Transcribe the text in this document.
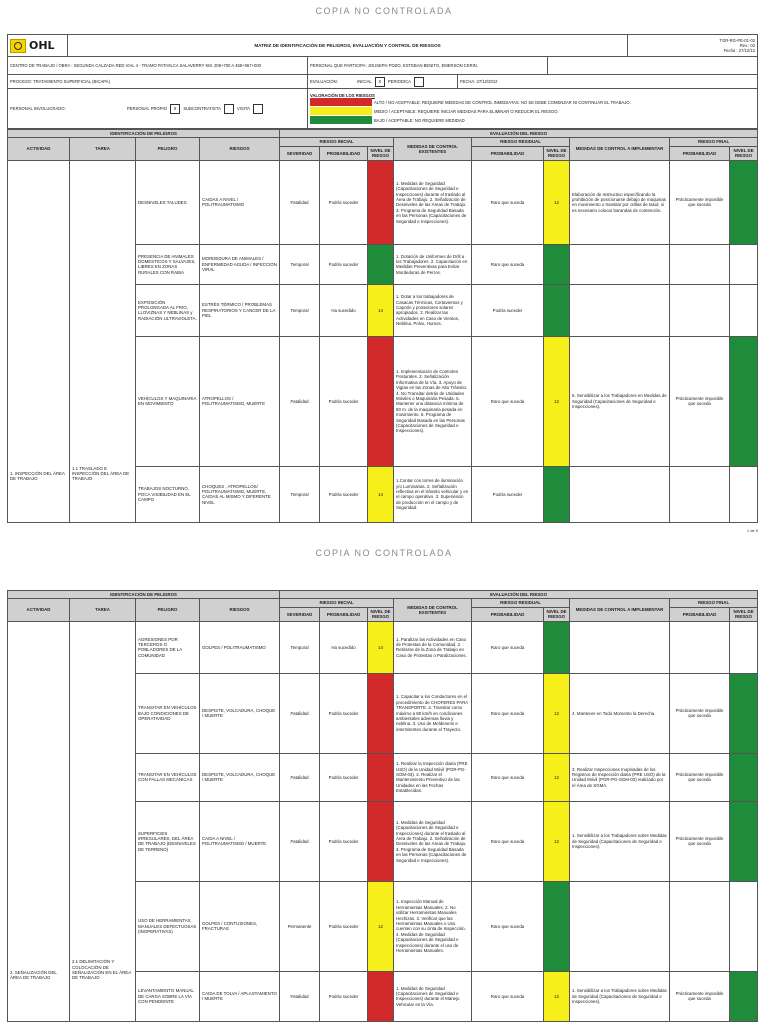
COPIA NO CONTROLADA
OHL	MATRIZ DE IDENTIFICACIÓN DE PELIGROS, EVALUACIÓN Y CONTROL DE RIESGOS				TGR-RG-PE-01-02
Rev.: 02
Fecha : 27/12/12

CENTRO DE TRABAJO / OBRA : SEGUNDA CALZADA RED VIAL 4 - TRAMO PATIVILCA SALAVERRY KM. 206+700 A 458+067+000		PERSONAL QUE PARTICIPA: JOUSEPH POZO, ESTEBAN BENITO, EMERSON CERIN.			
PROCESO: TRATAMIENTO SUPERFICIAL (BICAPA)		EVALUACIÓN: INICIAL x PERIODICA	FECHA: 27/12/2012		
PERSONAL INVOLUCRADO: PERSONAL PROPIO x SUBCONTRATISTA VISITA		VALORACIÓN DE LOS RIESGOS
ALTO / NO ACEPTABLE: REQUIERE MEDIDAS DE CONTROL INMEDIATAS. NO SE DEBE COMENZAR NI CONTINUAR EL TRABAJO.
MEDIO / ACEPTABLE: REQUIERE INICIAR MEDIDAS PARA ELIMINAR O REDUCIR EL RIESGO.
BAJO / ACEPTABLE: NO REQUIERE MEDIDAD			
IDENTIFICACIÓN DE PELIGROS				EVALUACIÓN DEL RIESGO								
ACTIVIDAD	TAREA	PELIGRO	RIESGOS	RIESGO INICIAL			MEDIDAS DE CONTROL EXISTENTES	RIESGO RESIDUAL		MEDIDAS DE CONTROL A IMPLEMENTAR	RIESGO FINAL	
				SEVERIDAD	PROBABILIDAD	NIVEL DE RIESGO		PROBABILIDAD	NIVEL DE RIESGO		PROBABILIDAD	NIVEL DE RIESGO
1. INSPECCIÓN DEL ÁREA DE TRABAJO	1.1 TRASLADO E INSPECCIÓN DEL ÁREA DE TRABAJO	DESNIVELES TALUDES	CAIDAS A NIVEL / POLITRAUMATISMO	Fatalidad	Podría suceder		1. Medidas de Seguridad (Capacitaciones de Seguridad e Inspecciones) durante el traslado al Área de Trabajo. 2. Señalización de Desniveles de las Áreas de Trabajo. 3. Programa de Seguridad Basada en las Personas (Capacitaciones de Seguridad e Inspecciones).	Raro que suceda	12	Elaboración de Instructivo especificando la prohibición de posicionarse debajo de maquinas en movimiento o transitar por orillas de talud, si es necesario colocar barandas de contención.	Prácticamente imposible que suceda	
		PRESENCIA DE ANIMALES DOMESTICOS Y SALVAJES, LIBRES EN ZONAS RURALES CON RABIA	MORDEDURA DE ANIMALES / ENFERMEDAD AGUDA / INFECCIÓN VIRAL	Temporal	Podría suceder		1. Dotación de Uniformes de Drill a los Trabajadores. 2. Capacitación en Medidas Preventivas para Evitar Mordeduras de Perros.	Raro que suceda				
		EXPOSICIÓN PROLONGADA AL FRIO, LLOVIZNAS Y NEBLINAS y RADIACIÓN ULTRAVIOLETA.	ESTRÉS TÉRMICO / PROBLEMAS RESPIRATORIOS Y CANCER DE LA PIEL	Temporal	Ha sucedido	14	1. Dotar a los trabajadores de Casacas Térmicas, Cortavientos y Capotín y protectores solares apropiados. 2. Realizar las Actividades en Caso de Vientos, Neblina, Polvo, Humos.	Podría suceder				
		VEHÍCULOS Y MAQUINARIA EN MOVIMIENTO	ATROPELLOS / POLITRAUMATISMO, MUERTE	Fatalidad	Podría suceder		1. Implementación de Controles Posturales. 2. Señalización Informativa de la Vía. 3. Apoyo de Vigías en las Zonas de Alto Tránsito. 4. No Transitar detrás de Unidades Móviles o Maquinaria Pesada. 5. Mantener una distancia mínima de 50 m. de la maquinaria pesada en movimiento. 6. Programa de Seguridad Basada en las Personas (Capacitaciones de Seguridad e Inspecciones).	Raro que suceda	12	6. Sensibilizar a los Trabajadores en Medidas de Seguridad (Capacitaciones de Seguridad e Inspecciones).	Prácticamente imposible que suceda	
		TRABAJOS NOCTURNO, POCA VISIBILIDAD EN EL CAMPO	CHOQUES , ATROPELLOS/ POLITRAUMATISMO, MUERTE, CAIDAS AL MISMO Y DIFERENTE NIVEL	Temporal	Podría suceder	14	1.Contar con torres de iluminación y/o Luminarias. 2. Señalización reflectiva en el tránsito vehicular y en el campo operativo. 3. Supervisión de producción en el campo y de Seguridad.	Podría suceder				
1 de 5
COPIA NO CONTROLADA
IDENTIFICACIÓN DE PELIGROS				EVALUACIÓN DEL RIESGO								
ACTIVIDAD	TAREA	PELIGRO	RIESGOS	RIESGO INICIAL			MEDIDAS DE CONTROL EXISTENTES	RIESGO RESIDUAL		MEDIDAS DE CONTROL A IMPLEMENTAR	RIESGO FINAL	
				SEVERIDAD	PROBABILIDAD	NIVEL DE RIESGO		PROBABILIDAD	NIVEL DE RIESGO		PROBABILIDAD	NIVEL DE RIESGO
2. SEÑALIZACIÓN DEL ÁREA DE TRABAJO	2.1 DELIMITACIÓN Y COLOCACIÓN DE SEÑALIZACIÓN EN EL ÁREA DE TRABAJO	AGRESIONES POR TERCEROS O POBLADORES DE LA COMUNIDAD	GOLPES / POLITRAUMATISMO	Temporal	Ha sucedido	14	1. Paralizar las Actividades en Caso de Protestas de la Comunidad. 2. Retirarse de la Zona de Trabajo en Caso de Protestas o Paralizaciones.	Raro que suceda				
		TRANSITAR EN VEHÍCULOS BAJO CONDICIONES DE OPERATIVIDAD	DESPISTE, VOLCADURA, CHOQUE / MUERTE	Fatalidad	Podría suceder		1. Capacitar a los Conductores en el procedimiento de CHOFERES PARA TRANSPORTE. 2. Transitar como máximo a 80 km/h en condiciones ambientales adversas lluvia y neblina. 3. Uso de Meldeneris e intermitentes durante el Trayecto.	Raro que suceda	12	4. Mantener en Todo Momento la Derecha.	Prácticamente imposible que suceda	
		TRANSITAR EN VEHÍCULOS CON FALLAS MECÁNICAS	DESPISTE, VOLCADURA, CHOQUE / MUERTE	Fatalidad	Podría suceder		1. Realizar la Inspección diaria (PRE USO) de la Unidad Móvil (PGR-PG-SGM-03). 2. Realizar el Mantenimiento Preventivo de las Unidades en las Fechas Establecidas.	Raro que suceda	12	3. Realizar Inspecciones Inopinadas de los Registros de Inspección diaria (PRE USO) de la Unidad Móvil (PGR-PG-SGM-03) realizado por el Área de SGMA.	Prácticamente imposible que suceda	
		SUPERFICIES IRREGULARES, DEL ÁREA DE TRABAJO (DESNIVELES DE TERRENO)	CAIDA A NIVEL / POLITRAUMATISMO / MUERTE	Fatalidad	Podría suceder		1. Medidas de Seguridad (Capacitaciones de Seguridad e Inspecciones) durante el traslado al Área de Trabajo. 2. Señalización de Desniveles de las Áreas de Trabajo. 3. Programa de Seguridad Basada en las Personas (Capacitaciones de Seguridad e Inspecciones).	Raro que suceda	12	1. Sensibilizar a los Trabajadores sobre Medidas de Seguridad (Capacitaciones de Seguridad e Inspecciones).	Prácticamente imposible que suceda	
		USO DE HERRAMIENTAS MANUALES DEFECTUOSAS (INOPERATIVAS)	GOLPES / CONTUSIONES, FRACTURAS	Permanente	Podría suceder	12	1. Inspección Manual de Herramientas Manuales. 2. No utilizar Herramientas Manuales Hechizas. 3. Verificar que las Herramientas Manuales o Uso cuenten con su cinta de Inspección. 4. Medidas de Seguridad (Capacitaciones de Seguridad e Inspecciones) durante el uso de Herramientas Manuales.	Raro que suceda				
		LEVANTAMIENTO MANUAL DE CARGA SOBRE LA VÍA CON PENDIENTE	CAIDA DE TOLVA / APLASTAMIENTO / MUERTE	Fatalidad	Podría suceder		1. Medidas de Seguridad (Capacitaciones de Seguridad e Inspecciones) durante el Manejo Vehicular en la Vía.	Raro que suceda	12	1. Sensibilizar a los Trabajadores sobre Medidas de Seguridad (Capacitaciones de Seguridad e Inspecciones).	Prácticamente imposible que suceda	
